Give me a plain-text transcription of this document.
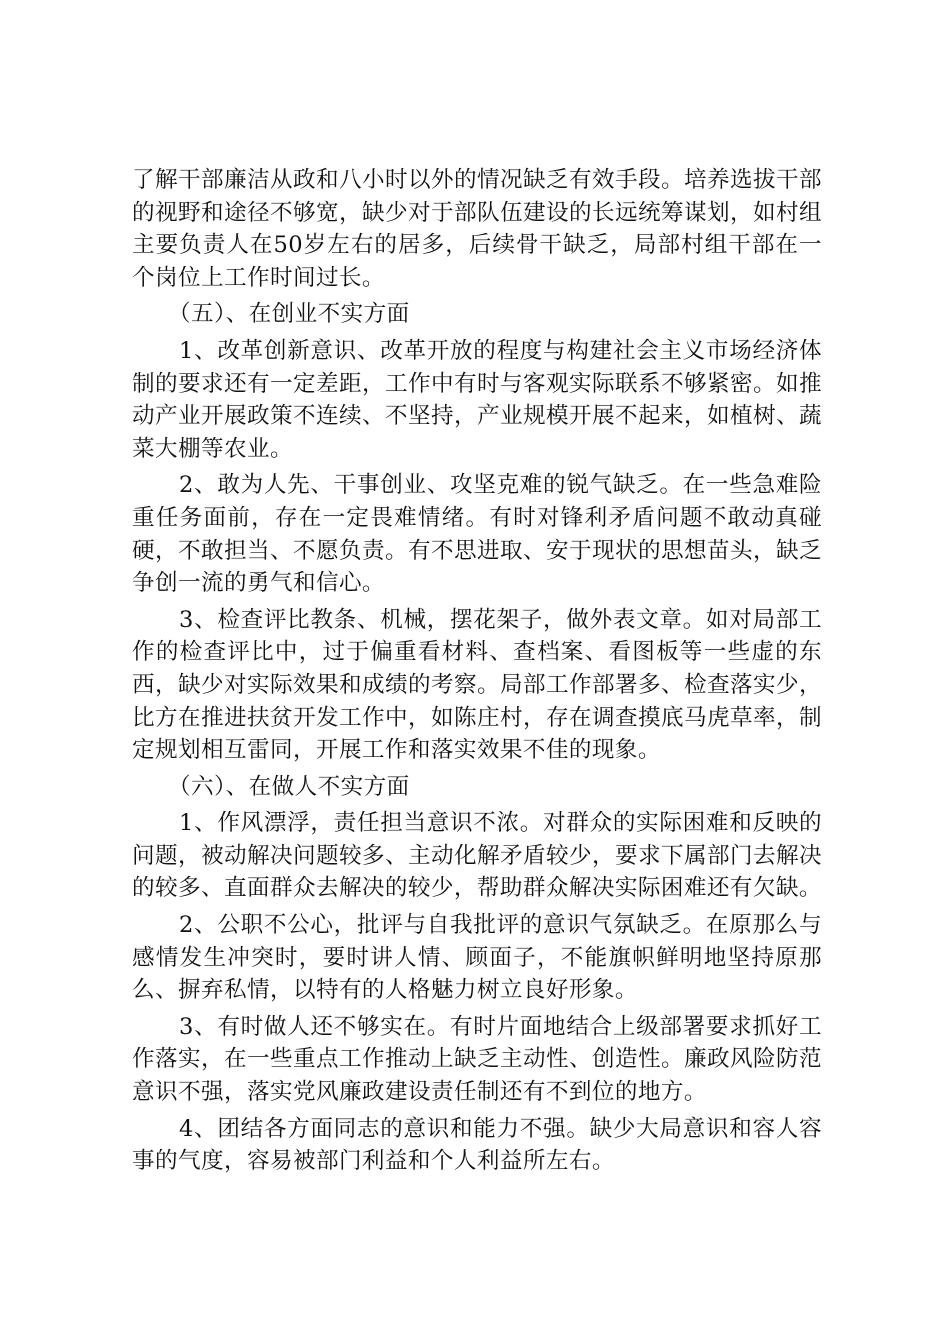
了解干部廉洁从政和八小时以外的情况缺乏有效手段。培养选拔干部的视野和途径不够宽，缺少对于部队伍建设的长远统筹谋划，如村组主要负责人在50岁左右的居多，后续骨干缺乏，局部村组干部在一个岗位上工作时间过长。

（五）、在创业不实方面

1、改革创新意识、改革开放的程度与构建社会主义市场经济体制的要求还有一定差距，工作中有时与客观实际联系不够紧密。如推动产业开展政策不连续、不坚持，产业规模开展不起来，如植树、蔬菜大棚等农业。

2、敢为人先、干事创业、攻坚克难的锐气缺乏。在一些急难险重任务面前，存在一定畏难情绪。有时对锋利矛盾问题不敢动真碰硬，不敢担当、不愿负责。有不思进取、安于现状的思想苗头，缺乏争创一流的勇气和信心。

3、检查评比教条、机械，摆花架子，做外表文章。如对局部工作的检查评比中，过于偏重看材料、查档案、看图板等一些虚的东西，缺少对实际效果和成绩的考察。局部工作部署多、检查落实少，比方在推进扶贫开发工作中，如陈庄村，存在调查摸底马虎草率，制定规划相互雷同，开展工作和落实效果不佳的现象。

（六）、在做人不实方面

1、作风漂浮，责任担当意识不浓。对群众的实际困难和反映的问题，被动解决问题较多、主动化解矛盾较少，要求下属部门去解决的较多、直面群众去解决的较少，帮助群众解决实际困难还有欠缺。

2、公职不公心，批评与自我批评的意识气氛缺乏。在原那么与感情发生冲突时，要时讲人情、顾面子，不能旗帜鲜明地坚持原那么、摒弃私情，以特有的人格魅力树立良好形象。

3、有时做人还不够实在。有时片面地结合上级部署要求抓好工作落实，在一些重点工作推动上缺乏主动性、创造性。廉政风险防范意识不强，落实党风廉政建设责任制还有不到位的地方。

4、团结各方面同志的意识和能力不强。缺少大局意识和容人容事的气度，容易被部门利益和个人利益所左右。
